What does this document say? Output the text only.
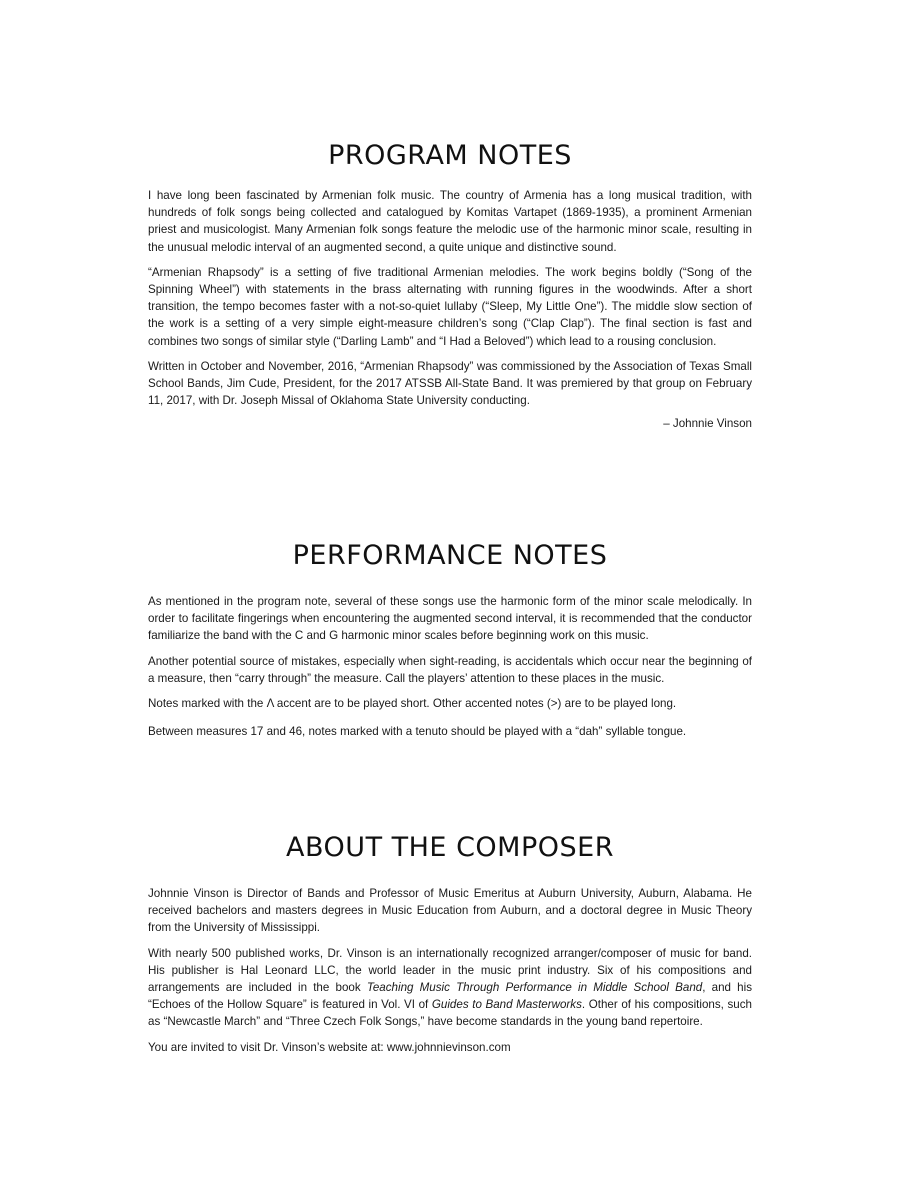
PROGRAM NOTES

I have long been fascinated by Armenian folk music. The country of Armenia has a long musical tradition, with hundreds of folk songs being collected and catalogued by Komitas Vartapet (1869-1935), a prominent Armenian priest and musicologist. Many Armenian folk songs feature the melodic use of the harmonic minor scale, resulting in the unusual melodic interval of an augmented second, a quite unique and distinctive sound.

“Armenian Rhapsody” is a setting of five traditional Armenian melodies. The work begins boldly (“Song of the Spinning Wheel”) with statements in the brass alternating with running figures in the woodwinds. After a short transition, the tempo becomes faster with a not-so-quiet lullaby (“Sleep, My Little One”). The middle slow section of the work is a setting of a very simple eight-measure children’s song (“Clap Clap”). The final section is fast and combines two songs of similar style (“Darling Lamb” and “I Had a Beloved”) which lead to a rousing conclusion.

Written in October and November, 2016, “Armenian Rhapsody” was commissioned by the Association of Texas Small School Bands, Jim Cude, President, for the 2017 ATSSB All-State Band. It was premiered by that group on February 11, 2017, with Dr. Joseph Missal of Oklahoma State University conducting.

– Johnnie Vinson
PERFORMANCE NOTES

As mentioned in the program note, several of these songs use the harmonic form of the minor scale melodically. In order to facilitate fingerings when encountering the augmented second interval, it is recommended that the conductor familiarize the band with the C and G harmonic minor scales before beginning work on this music.

Another potential source of mistakes, especially when sight-reading, is accidentals which occur near the beginning of a measure, then “carry through” the measure. Call the players’ attention to these places in the music.

Notes marked with the Λ accent are to be played short. Other accented notes (>) are to be played long.

Between measures 17 and 46, notes marked with a tenuto should be played with a “dah” syllable tongue.

ABOUT THE COMPOSER

Johnnie Vinson is Director of Bands and Professor of Music Emeritus at Auburn University, Auburn, Alabama. He received bachelors and masters degrees in Music Education from Auburn, and a doctoral degree in Music Theory from the University of Mississippi.

With nearly 500 published works, Dr. Vinson is an internationally recognized arranger/composer of music for band. His publisher is Hal Leonard LLC, the world leader in the music print industry. Six of his compositions and arrangements are included in the book Teaching Music Through Performance in Middle School Band, and his “Echoes of the Hollow Square” is featured in Vol. VI of Guides to Band Masterworks. Other of his compositions, such as “Newcastle March” and “Three Czech Folk Songs,” have become standards in the young band repertoire.

You are invited to visit Dr. Vinson’s website at: www.johnnievinson.com
